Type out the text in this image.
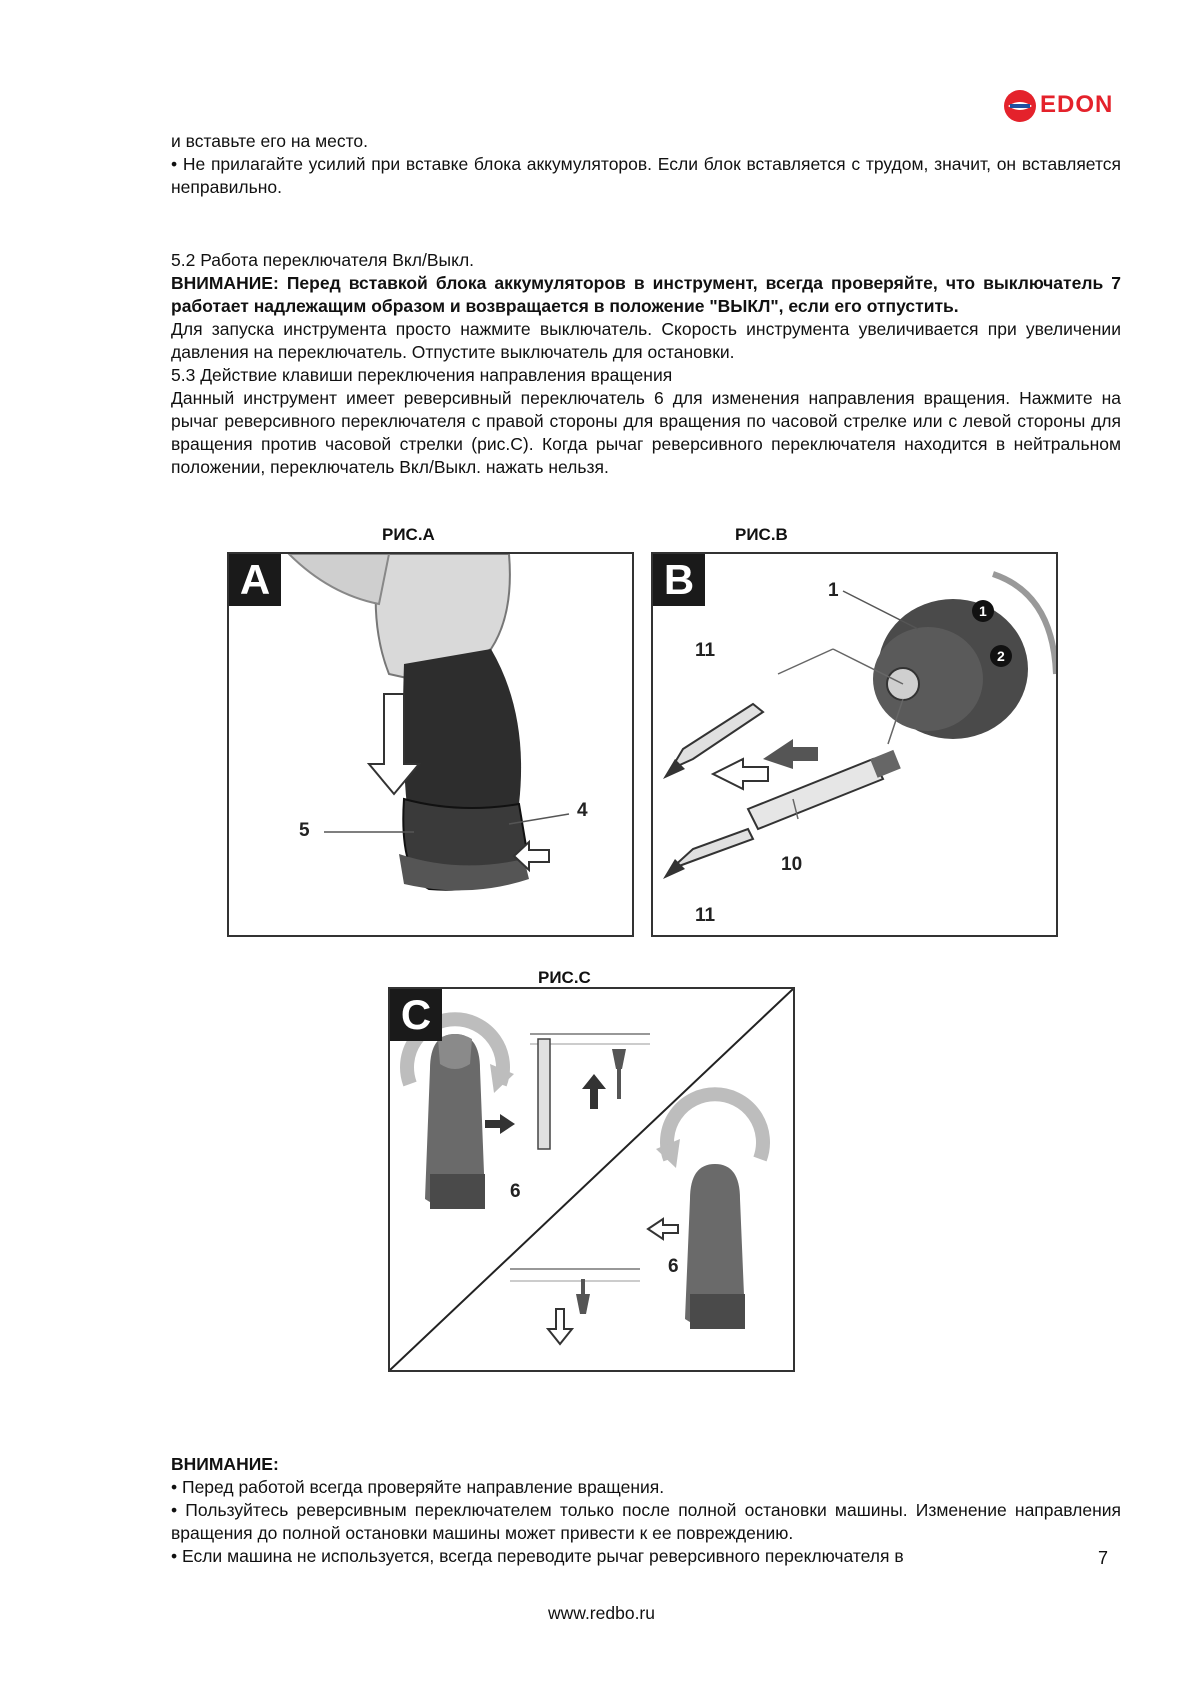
EDON

и вставьте его на место.

• Не прилагайте усилий при вставке блока аккумуляторов. Если блок вставляется с трудом, значит, он вставляется неправильно.

5.2 Работа переключателя Вкл/Выкл.

ВНИМАНИЕ: Перед вставкой блока аккумуляторов в инструмент, всегда проверяйте, что выключатель 7 работает надлежащим образом и возвращается в положение "ВЫКЛ", если его отпустить.

Для запуска инструмента просто нажмите выключатель. Скорость инструмента увеличивается при увеличении давления на переключатель. Отпустите выключатель для остановки.

5.3 Действие клавиши переключения направления вращения

Данный инструмент имеет реверсивный переключатель 6 для изменения направления вращения. Нажмите на рычаг реверсивного переключателя с правой стороны для вращения по часовой стрелке или с левой стороны для вращения против часовой стрелки (рис.C). Когда рычаг реверсивного переключателя находится в нейтральном положении, переключатель Вкл/Выкл. нажать нельзя.

РИС.А	РИС.В
РИС.С
A
5
4
1
2
B	1
11
10
11
C
6
6

ВНИМАНИЕ:

• Перед работой всегда проверяйте направление вращения.

• Пользуйтесь реверсивным переключателем только после полной остановки машины. Изменение направления вращения до полной остановки машины может привести к ее повреждению.

• Если машина не используется, всегда переводите рычаг реверсивного переключателя в	7
www.redbo.ru
